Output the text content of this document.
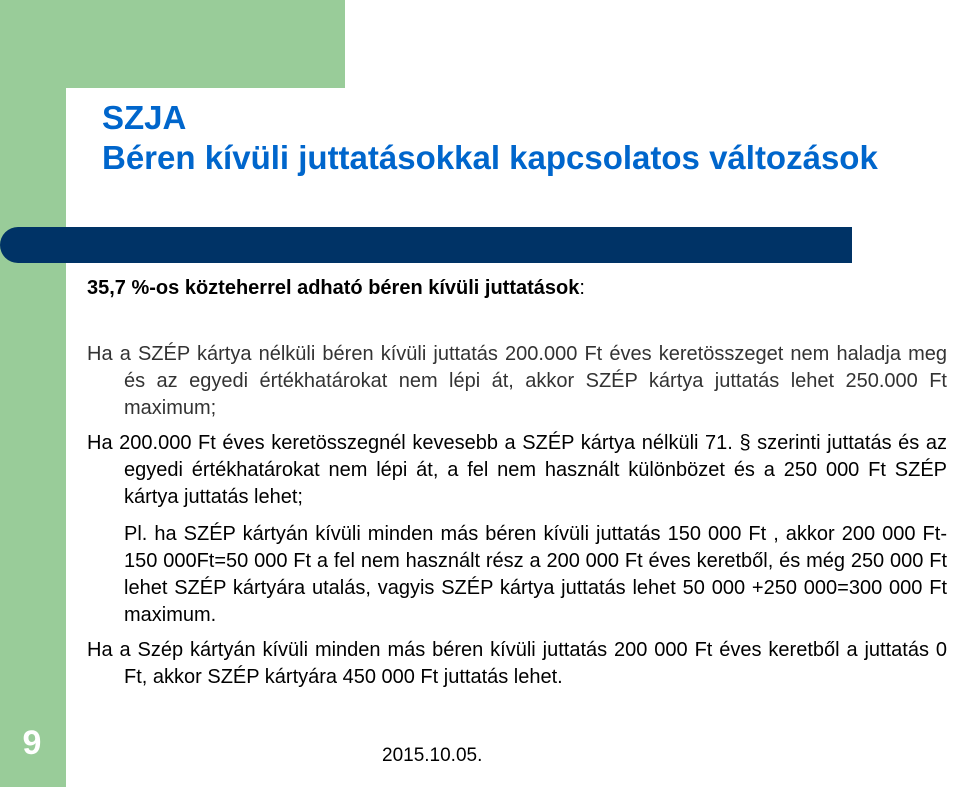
SZJA
Béren kívüli juttatásokkal kapcsolatos változások

35,7 %-os közteherrel adható béren kívüli juttatások:

Ha a SZÉP kártya nélküli béren kívüli juttatás 200.000 Ft éves keretösszeget nem haladja meg és az egyedi értékhatárokat nem lépi át, akkor SZÉP kártya juttatás lehet 250.000 Ft maximum;

Ha 200.000 Ft éves keretösszegnél kevesebb a SZÉP kártya nélküli 71. § szerinti juttatás és az egyedi értékhatárokat nem lépi át, a fel nem használt különbözet és a 250 000 Ft SZÉP kártya juttatás lehet;

Pl. ha SZÉP kártyán kívüli minden más béren kívüli juttatás 150 000 Ft , akkor 200 000 Ft-150 000Ft=50 000 Ft a fel nem használt rész a 200 000 Ft éves keretből, és még 250 000 Ft lehet SZÉP kártyára utalás, vagyis SZÉP kártya juttatás lehet 50 000 +250 000=300 000 Ft maximum.

Ha a Szép kártyán kívüli minden más béren kívüli juttatás 200 000 Ft éves keretből a juttatás 0 Ft, akkor SZÉP kártyára 450 000 Ft juttatás lehet.

9	2015.10.05.
